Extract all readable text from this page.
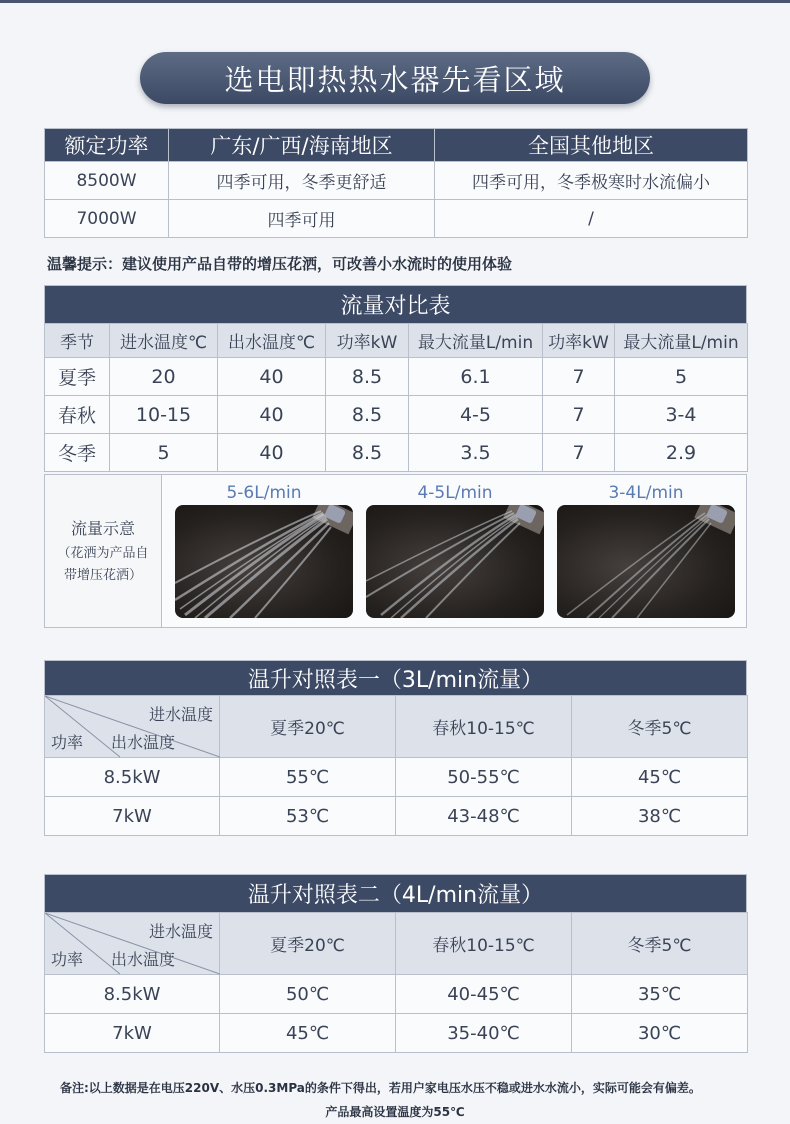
选电即热热水器先看区域
额定功率	广东/广西/海南地区	全国其他地区
8500W	四季可用，冬季更舒适	四季可用，冬季极寒时水流偏小
7000W	四季可用	/
温馨提示：建议使用产品自带的增压花洒，可改善小水流时的使用体验
流量对比表
季节	进水温度℃	出水温度℃	功率kW	最大流量L/min	功率kW	最大流量L/min
夏季	20	40	8.5	6.1	7	5
春秋	10-15	40	8.5	4-5	7	3-4
冬季	5	40	8.5	3.5	7	2.9
流量示意
（花洒为产品自
带增压花洒）
5-6L/min	4-5L/min	3-4L/min
温升对照表一（3L/min流量）
进水温度
功率 出水温度	夏季20℃	春秋10-15℃	冬季5℃
8.5kW	55℃	50-55℃	45℃
7kW	53℃	43-48℃	38℃
温升对照表二（4L/min流量）
进水温度
功率 出水温度	夏季20℃	春秋10-15℃	冬季5℃
8.5kW	50℃	40-45℃	35℃
7kW	45℃	35-40℃	30℃
备注:以上数据是在电压220V、水压0.3MPa的条件下得出，若用户家电压水压不稳或进水水流小，实际可能会有偏差。
产品最高设置温度为55℃
